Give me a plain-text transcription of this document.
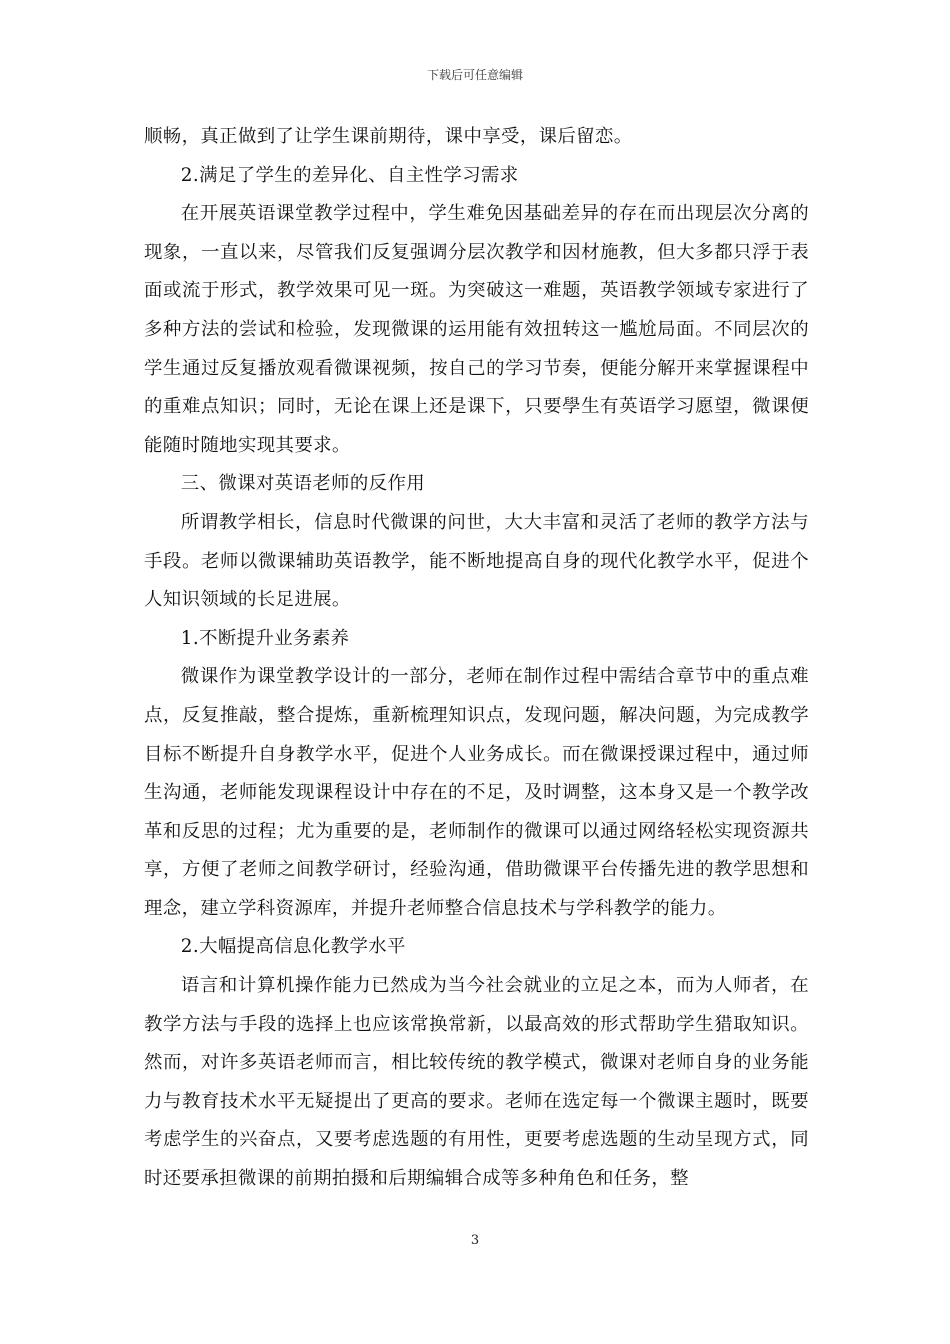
下载后可任意编辑

顺畅，真正做到了让学生课前期待，课中享受，课后留恋。

2.满足了学生的差异化、自主性学习需求

在开展英语课堂教学过程中，学生难免因基础差异的存在而出现层次分离的现象，一直以来，尽管我们反复强调分层次教学和因材施教，但大多都只浮于表面或流于形式，教学效果可见一斑。为突破这一难题，英语教学领域专家进行了多种方法的尝试和检验，发现微课的运用能有效扭转这一尴尬局面。不同层次的学生通过反复播放观看微课视频，按自己的学习节奏，便能分解开来掌握课程中的重难点知识；同时，无论在课上还是课下，只要學生有英语学习愿望，微课便能随时随地实现其要求。

三、微课对英语老师的反作用

所谓教学相长，信息时代微课的问世，大大丰富和灵活了老师的教学方法与手段。老师以微课辅助英语教学，能不断地提高自身的现代化教学水平，促进个人知识领域的长足进展。

1.不断提升业务素养

微课作为课堂教学设计的一部分，老师在制作过程中需结合章节中的重点难点，反复推敲，整合提炼，重新梳理知识点，发现问题，解决问题，为完成教学目标不断提升自身教学水平，促进个人业务成长。而在微课授课过程中，通过师生沟通，老师能发现课程设计中存在的不足，及时调整，这本身又是一个教学改革和反思的过程；尤为重要的是，老师制作的微课可以通过网络轻松实现资源共享，方便了老师之间教学研讨，经验沟通，借助微课平台传播先进的教学思想和理念，建立学科资源库，并提升老师整合信息技术与学科教学的能力。

2.大幅提高信息化教学水平

语言和计算机操作能力已然成为当今社会就业的立足之本，而为人师者，在教学方法与手段的选择上也应该常换常新，以最高效的形式帮助学生猎取知识。然而，对许多英语老师而言，相比较传统的教学模式，微课对老师自身的业务能力与教育技术水平无疑提出了更高的要求。老师在选定每一个微课主题时，既要考虑学生的兴奋点，又要考虑选题的有用性，更要考虑选题的生动呈现方式，同时还要承担微课的前期拍摄和后期编辑合成等多种角色和任务，整

3
